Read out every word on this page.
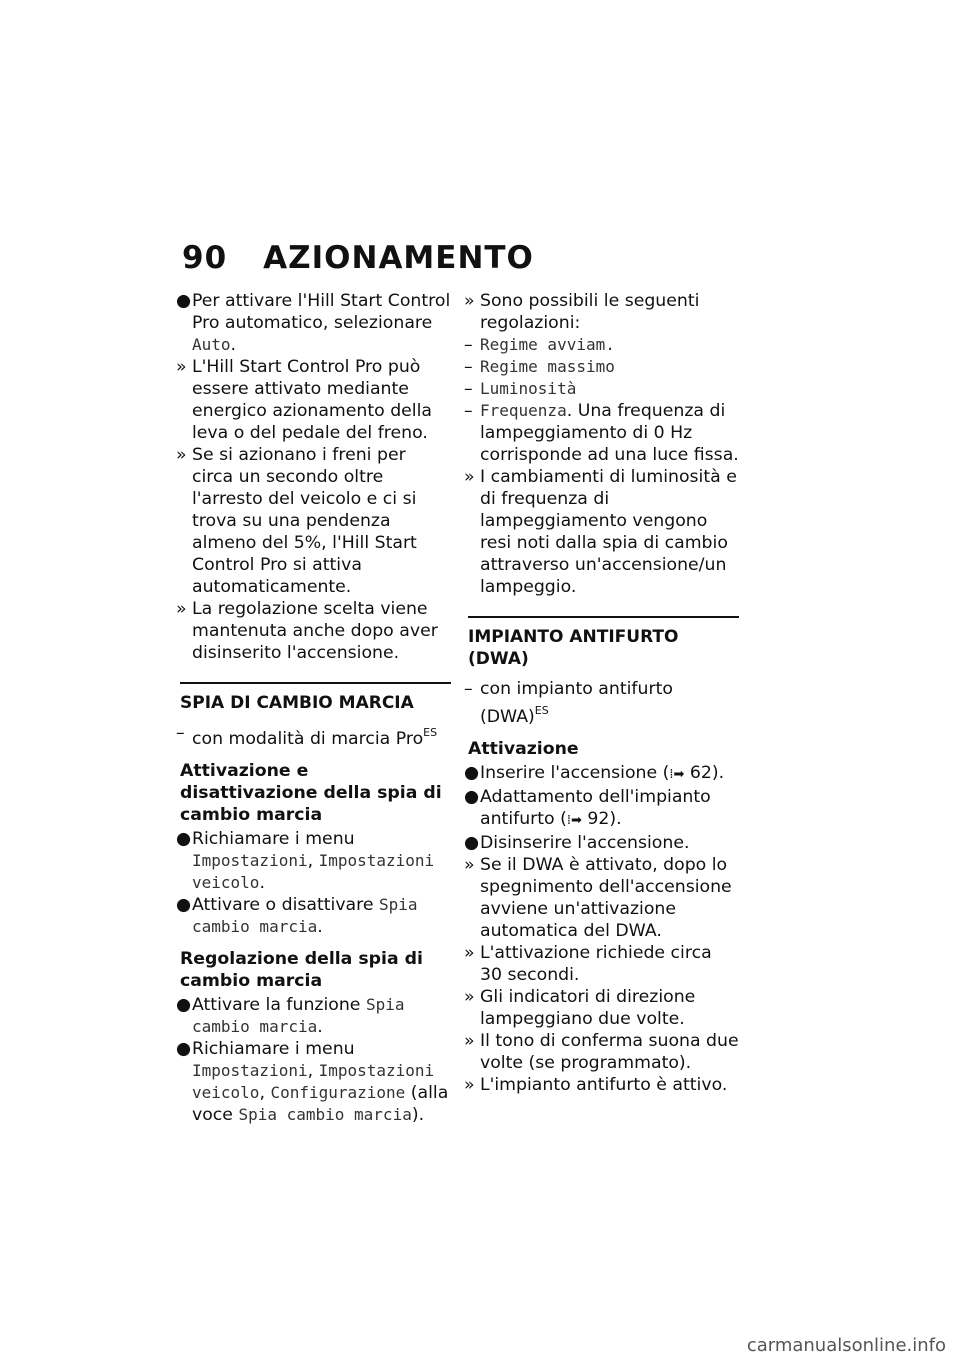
90 AZIONAMENTO

● Per attivare l'Hill Start Control Pro automatico, selezionare Auto.

» L'Hill Start Control Pro può essere attivato mediante energico azionamento della leva o del pedale del freno.

» Se si azionano i freni per circa un secondo oltre l'arresto del veicolo e ci si trova su una pendenza almeno del 5%, l'Hill Start Control Pro si attiva automaticamente.

» La regolazione scelta viene mantenuta anche dopo aver disinserito l'accensione.

SPIA DI CAMBIO MARCIA

– con modalità di marcia Pro$^{ES}$

Attivazione e disattivazione della spia di cambio marcia

● Richiamare i menu Impostazioni, Impostazioni veicolo.

● Attivare o disattivare Spia cambio marcia.

Regolazione della spia di cambio marcia

● Attivare la funzione Spia cambio marcia.

● Richiamare i menu Impostazioni, Impostazioni veicolo, Configurazione (alla voce Spia cambio marcia).

» Sono possibili le seguenti regolazioni:

– Regime avviam.

– Regime massimo

– Luminosità

– Frequenza. Una frequenza di lampeggiamento di 0 Hz corrisponde ad una luce fissa.

» I cambiamenti di luminosità e di frequenza di lampeggiamento vengono resi noti dalla spia di cambio attraverso un'accensione/un lampeggio.

IMPIANTO ANTIFURTO (DWA)

– con impianto antifurto (DWA)$^{ES}$

Attivazione

● Inserire l'accensione (⁞➡ 62).

● Adattamento dell'impianto antifurto (⁞➡ 92).

● Disinserire l'accensione.

» Se il DWA è attivato, dopo lo spegnimento dell'accensione avviene un'attivazione automatica del DWA.

» L'attivazione richiede circa 30 secondi.

» Gli indicatori di direzione lampeggiano due volte.

» Il tono di conferma suona due volte (se programmato).

» L'impianto antifurto è attivo.

carmanualsonline.info
